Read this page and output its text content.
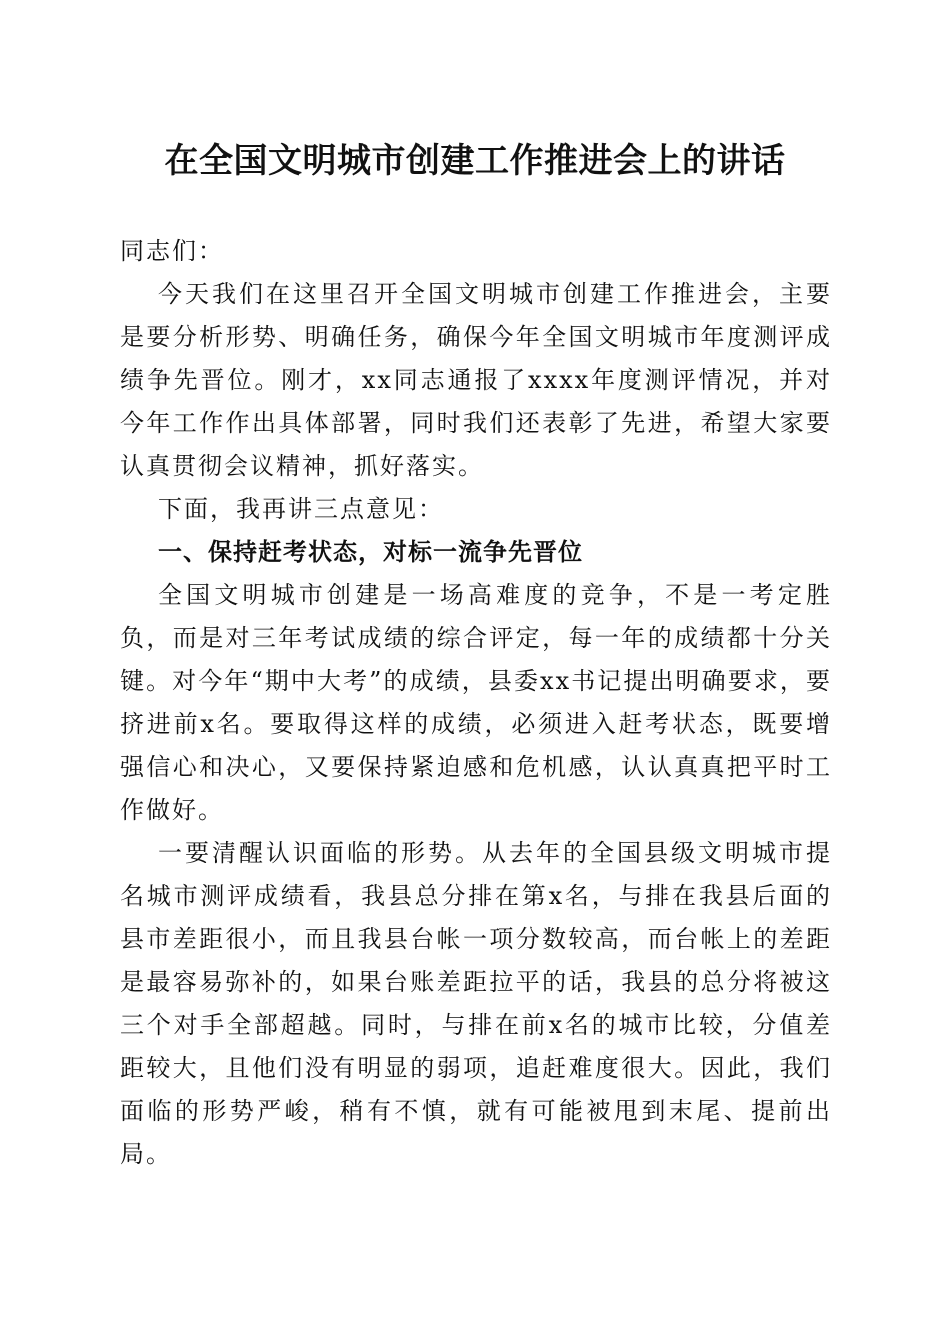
在全国文明城市创建工作推进会上的讲话

同志们：

今天我们在这里召开全国文明城市创建工作推进会，主要是要分析形势、明确任务，确保今年全国文明城市年度测评成绩争先晋位。刚才，xx同志通报了xxxx年度测评情况，并对今年工作作出具体部署，同时我们还表彰了先进，希望大家要认真贯彻会议精神，抓好落实。

下面，我再讲三点意见：

一、保持赶考状态，对标一流争先晋位

全国文明城市创建是一场高难度的竞争，不是一考定胜负，而是对三年考试成绩的综合评定，每一年的成绩都十分关键。对今年“期中大考”的成绩，县委xx书记提出明确要求，要挤进前x名。要取得这样的成绩，必须进入赶考状态，既要增强信心和决心，又要保持紧迫感和危机感，认认真真把平时工作做好。

一要清醒认识面临的形势。从去年的全国县级文明城市提名城市测评成绩看，我县总分排在第x名，与排在我县后面的县市差距很小，而且我县台帐一项分数较高，而台帐上的差距是最容易弥补的，如果台账差距拉平的话，我县的总分将被这三个对手全部超越。同时，与排在前x名的城市比较，分值差距较大，且他们没有明显的弱项，追赶难度很大。因此，我们面临的形势严峻，稍有不慎，就有可能被甩到末尾、提前出局。
